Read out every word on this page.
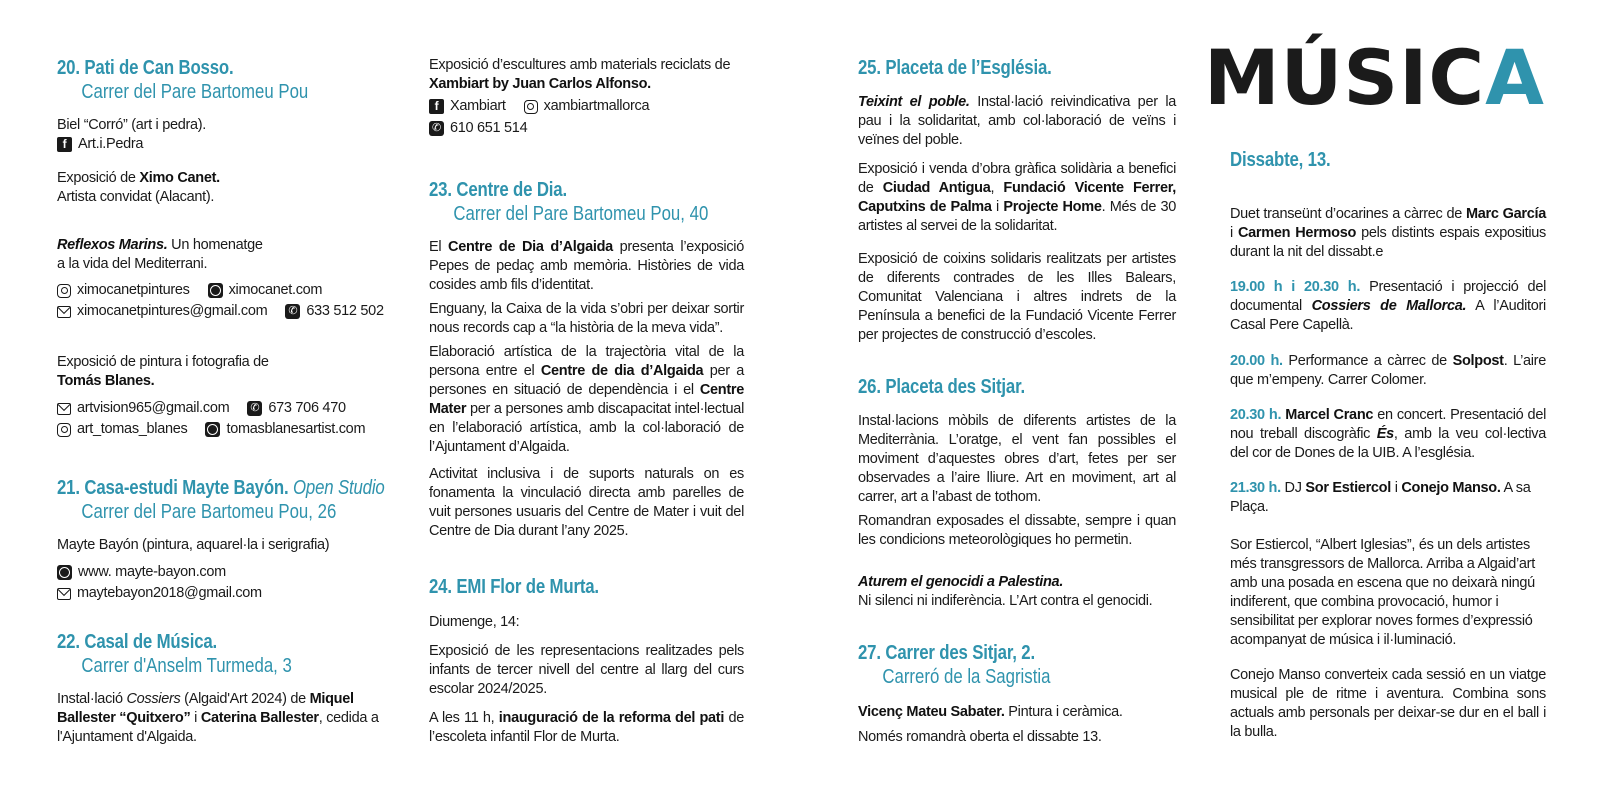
20. Pati de Can Bosso.
Carrer del Pare Bartomeu Pou
Biel “Corró” (art i pedra).
f Art.i.Pedra
Exposició de Ximo Canet.
Artista convidat (Alacant).
Reflexos Marins. Un homenatge
a la vida del Mediterrani.
ximocanetpintures	ximocanet.com
ximocanetpintures@gmail.com ✆ 633 512 502
Exposició de pintura i fotografia de
Tomás Blanes.
artvision965@gmail.com ✆ 673 706 470
art_tomas_blanes	tomasblanesartist.com
21. Casa-estudi Mayte Bayón. Open Studio
Carrer del Pare Bartomeu Pou, 26
Mayte Bayón (pintura, aquarel·la i serigrafia)
www. mayte-bayon.com
maytebayon2018@gmail.com
22. Casal de Música.
Carrer d'Anselm Turmeda, 3
Instal·lació Cossiers (Algaid'Art 2024) de Miquel
Ballester “Quitxero” i Caterina Ballester, cedida a
l'Ajuntament d'Algaida.
Exposició d’escultures amb materials reciclats de
Xambiart by Juan Carlos Alfonso.
f Xambiart	xambiartmallorca
✆ 610 651 514
23. Centre de Dia.
Carrer del Pare Bartomeu Pou, 40
El Centre de Dia d’Algaida presenta l’exposició Pepes de pedaç amb memòria. Històries de vida cosides amb fils d’identitat.
Enguany, la Caixa de la vida s’obri per deixar sortir nous records cap a “la història de la meva vida”.
Elaboració artística de la trajectòria vital de la persona entre el Centre de dia d’Algaida per a persones en situació de dependència i el Centre Mater per a persones amb discapacitat intel·lectual en l’elaboració artística, amb la col·laboració de l’Ajuntament d’Algaida.
Activitat inclusiva i de suports naturals on es fonamenta la vinculació directa amb parelles de vuit persones usuaris del Centre de Mater i vuit del Centre de Dia durant l’any 2025.
24. EMI Flor de Murta.
Diumenge, 14:
Exposició de les representacions realitzades pels infants de tercer nivell del centre al llarg del curs escolar 2024/2025.
A les 11 h, inauguració de la reforma del pati de l’escoleta infantil Flor de Murta.
25. Placeta de l’Església.
Teixint el poble. Instal·lació reivindicativa per la pau i la solidaritat, amb col·laboració de veïns i veïnes del poble.
Exposició i venda d’obra gràfica solidària a benefici de Ciudad Antigua, Fundació Vicente Ferrer, Caputxins de Palma i Projecte Home. Més de 30 artistes al servei de la solidaritat.
Exposició de coixins solidaris realitzats per artistes de diferents contrades de les Illes Balears, Comunitat Valenciana i altres indrets de la Península a benefici de la Fundació Vicente Ferrer per projectes de construcció d’escoles.
26. Placeta des Sitjar.
Instal·lacions mòbils de diferents artistes de la Mediterrània. L’oratge, el vent fan possibles el moviment d’aquestes obres d’art, fetes per ser observades a l’aire lliure. Art en moviment, art al carrer, art a l’abast de tothom.
Romandran exposades el dissabte, sempre i quan les condicions meteorològiques ho permetin.
Aturem el genocidi a Palestina.
Ni silenci ni indiferència. L’Art contra el genocidi.
27. Carrer des Sitjar, 2.
Carreró de la Sagristia
Vicenç Mateu Sabater. Pintura i ceràmica.
Només romandrà oberta el dissabte 13.
MÚSICA
Dissabte, 13.
Duet transeünt d’ocarines a càrrec de Marc García i Carmen Hermoso pels distints espais expositius durant la nit del dissabt.e
19.00 h i 20.30 h. Presentació i projecció del documental Cossiers de Mallorca. A l’Auditori Casal Pere Capellà.
20.00 h. Performance a càrrec de Solpost. L’aire que m’empeny. Carrer Colomer.
20.30 h. Marcel Cranc en concert. Presentació del nou treball discogràfic És, amb la veu col·lectiva del cor de Dones de la UIB. A l’església.
21.30 h. DJ Sor Estiercol i Conejo Manso. A sa Plaça.
Sor Estiercol, “Albert Iglesias”, és un dels artistes més transgressors de Mallorca. Arriba a Algaid’art amb una posada en escena que no deixarà ningú indiferent, que combina provocació, humor i sensibilitat per explorar noves formes d’expressió acompanyat de música i il·luminació.
Conejo Manso converteix cada sessió en un viatge musical ple de ritme i aventura. Combina sons actuals amb personals per deixar-se dur en el ball i la bulla.
